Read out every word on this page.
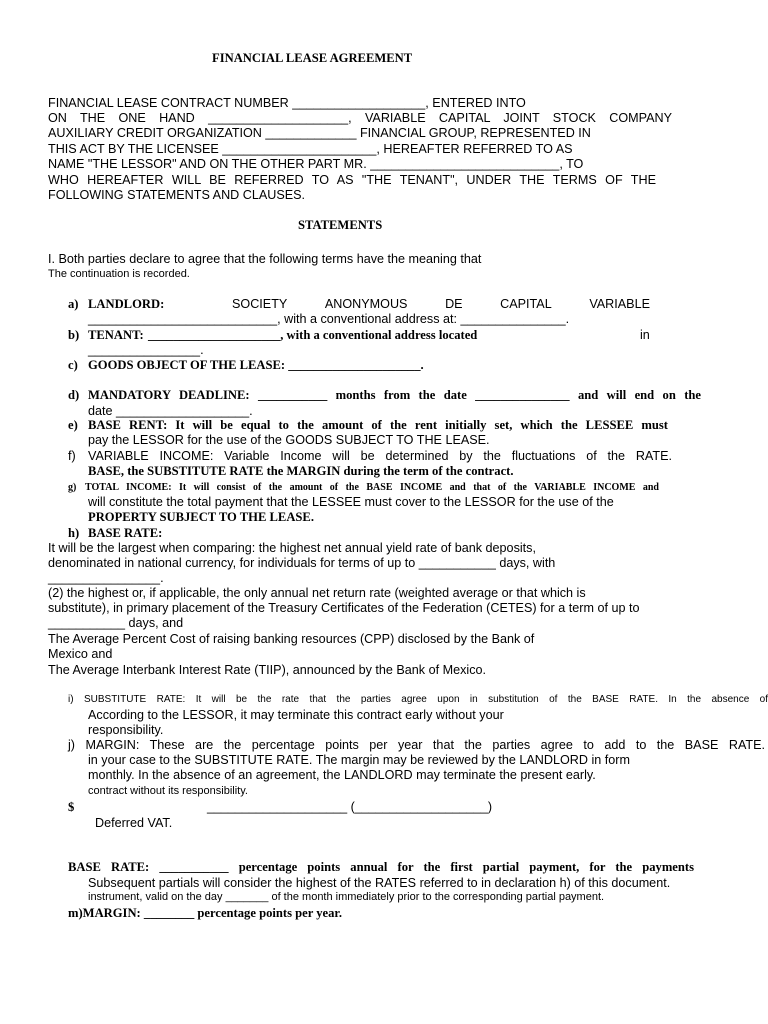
FINANCIAL LEASE AGREEMENT
FINANCIAL LEASE CONTRACT NUMBER ___________________, ENTERED INTO
ON THE ONE HAND ____________________, VARIABLE CAPITAL JOINT STOCK COMPANY
AUXILIARY CREDIT ORGANIZATION _____________ FINANCIAL GROUP, REPRESENTED IN
THIS ACT BY THE LICENSEE ______________________, HEREAFTER REFERRED TO AS
NAME "THE LESSOR" AND ON THE OTHER PART MR. ___________________________, TO
WHO HEREAFTER WILL BE REFERRED TO AS "THE TENANT", UNDER THE TERMS OF THE
FOLLOWING STATEMENTS AND CLAUSES.
STATEMENTS
I. Both parties declare to agree that the following terms have the meaning that
The continuation is recorded.
a) LANDLORD:	SOCIETY	ANONYMOUS	DE	CAPITAL	VARIABLE
___________________________, with a conventional address at: _______________.
b) TENANT: _____________________, with a conventional address located	in
________________.
c) GOODS OBJECT OF THE LEASE: _____________________.
d) MANDATORY DEADLINE: ___________ months from the date _______________ and will end on the
date ___________________.
e) BASE RENT: It will be equal to the amount of the rent initially set, which the LESSEE must
pay the LESSOR for the use of the GOODS SUBJECT TO THE LEASE.
f) VARIABLE INCOME: Variable Income will be determined by the fluctuations of the RATE.
BASE, the SUBSTITUTE RATE the MARGIN during the term of the contract.
g) TOTAL INCOME: It will consist of the amount of the BASE INCOME and that of the VARIABLE INCOME and
will constitute the total payment that the LESSEE must cover to the LESSOR for the use of the
PROPERTY SUBJECT TO THE LEASE.
h) BASE RATE:
It will be the largest when comparing: the highest net annual yield rate of bank deposits,
denominated in national currency, for individuals for terms of up to ___________ days, with
________________.
(2) the highest or, if applicable, the only annual net return rate (weighted average or that which is
substitute), in primary placement of the Treasury Certificates of the Federation (CETES) for a term of up to
___________ days, and
The Average Percent Cost of raising banking resources (CPP) disclosed by the Bank of
Mexico and
The Average Interbank Interest Rate (TIIP), announced by the Bank of Mexico.
i) SUBSTITUTE RATE: It will be the rate that the parties agree upon in substitution of the BASE RATE. In the absence of
According to the LESSOR, it may terminate this contract early without your
responsibility.
j) MARGIN: These are the percentage points per year that the parties agree to add to the BASE RATE.
in your case to the SUBSTITUTE RATE. The margin may be reviewed by the LANDLORD in form
monthly. In the absence of an agreement, the LANDLORD may terminate the present early.
contract without its responsibility.
$	____________________ (___________________)
Deferred VAT.
BASE RATE: ___________ percentage points annual for the first partial payment, for the payments
Subsequent partials will consider the highest of the RATES referred to in declaration h) of this document.
instrument, valid on the day _______ of the month immediately prior to the corresponding partial payment.
m)MARGIN: ________ percentage points per year.
